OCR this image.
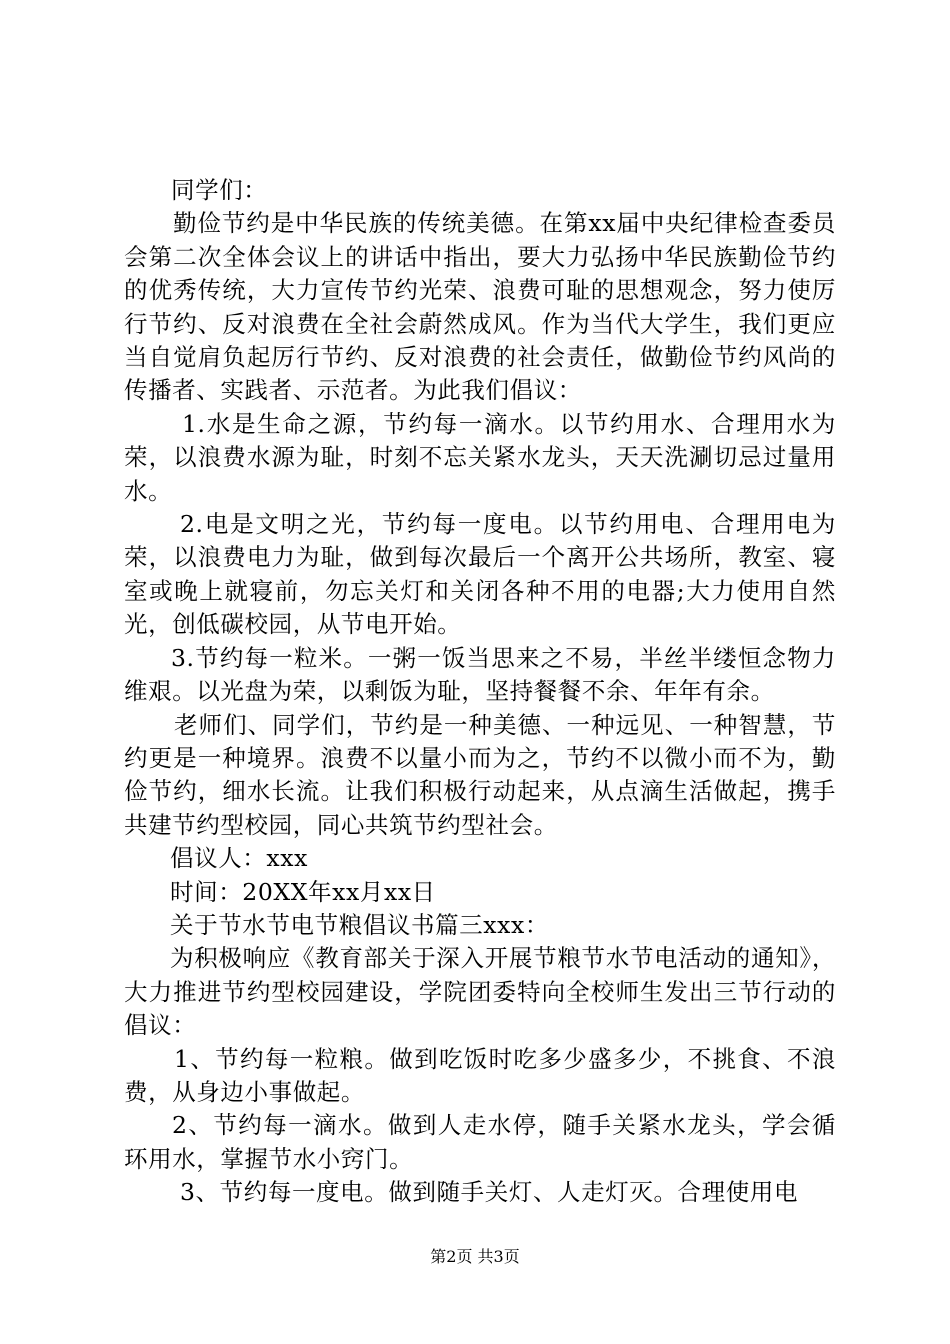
同学们：

勤俭节约是中华民族的传统美德。在第xx届中央纪律检查委员会第二次全体会议上的讲话中指出，要大力弘扬中华民族勤俭节约的优秀传统，大力宣传节约光荣、浪费可耻的思想观念，努力使厉行节约、反对浪费在全社会蔚然成风。作为当代大学生，我们更应当自觉肩负起厉行节约、反对浪费的社会责任，做勤俭节约风尚的传播者、实践者、示范者。为此我们倡议：

1.水是生命之源，节约每一滴水。以节约用水、合理用水为荣，以浪费水源为耻，时刻不忘关紧水龙头，天天洗涮切忌过量用水。

2.电是文明之光，节约每一度电。以节约用电、合理用电为荣，以浪费电力为耻，做到每次最后一个离开公共场所，教室、寝室或晚上就寝前，勿忘关灯和关闭各种不用的电器;大力使用自然光，创低碳校园，从节电开始。

3.节约每一粒米。一粥一饭当思来之不易，半丝半缕恒念物力维艰。以光盘为荣，以剩饭为耻，坚持餐餐不余、年年有余。

老师们、同学们，节约是一种美德、一种远见、一种智慧，节约更是一种境界。浪费不以量小而为之，节约不以微小而不为，勤俭节约，细水长流。让我们积极行动起来，从点滴生活做起，携手共建节约型校园，同心共筑节约型社会。

倡议人：xxx

时间：20XX年xx月xx日

关于节水节电节粮倡议书篇三xxx：

为积极响应《教育部关于深入开展节粮节水节电活动的通知》，大力推进节约型校园建设，学院团委特向全校师生发出三节行动的倡议：

1、节约每一粒粮。做到吃饭时吃多少盛多少，不挑食、不浪费，从身边小事做起。

2、节约每一滴水。做到人走水停，随手关紧水龙头，学会循环用水，掌握节水小窍门。

3、节约每一度电。做到随手关灯、人走灯灭。合理使用电

第2页 共3页
